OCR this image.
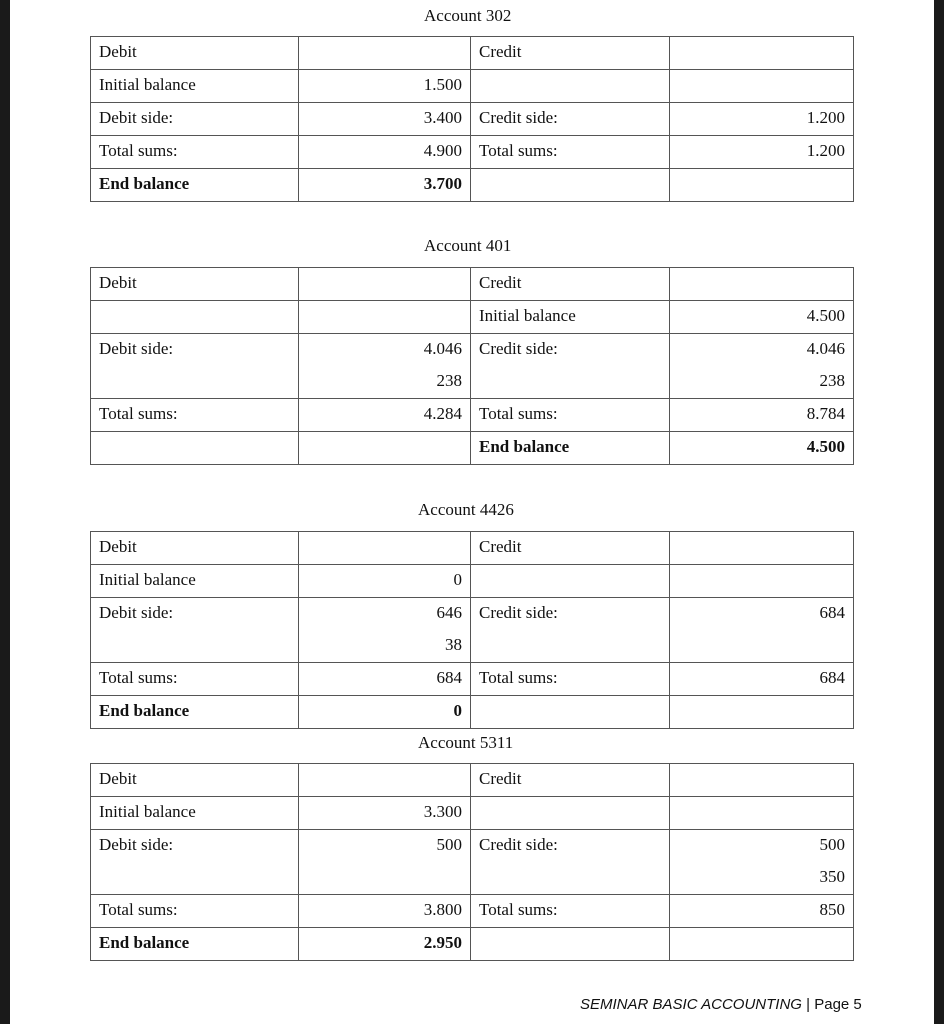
Account 302
Debit		Credit	
Initial balance	1.500		
Debit side:	3.400	Credit side:	1.200
Total sums:	4.900	Total sums:	1.200
End balance	3.700		
Account 401
Debit		Credit	
		Initial balance	4.500
Debit side:	4.046	Credit side:	4.046
	238		238
Total sums:	4.284	Total sums:	8.784
		End balance	4.500
Account 4426
Debit		Credit	
Initial balance	0		
Debit side:	646	Credit side:	684
	38		
Total sums:	684	Total sums:	684
End balance	0		
Account 5311
Debit		Credit	
Initial balance	3.300		
Debit side:	500	Credit side:	500
			350
Total sums:	3.800	Total sums:	850
End balance	2.950		
SEMINAR BASIC ACCOUNTING | Page 5
